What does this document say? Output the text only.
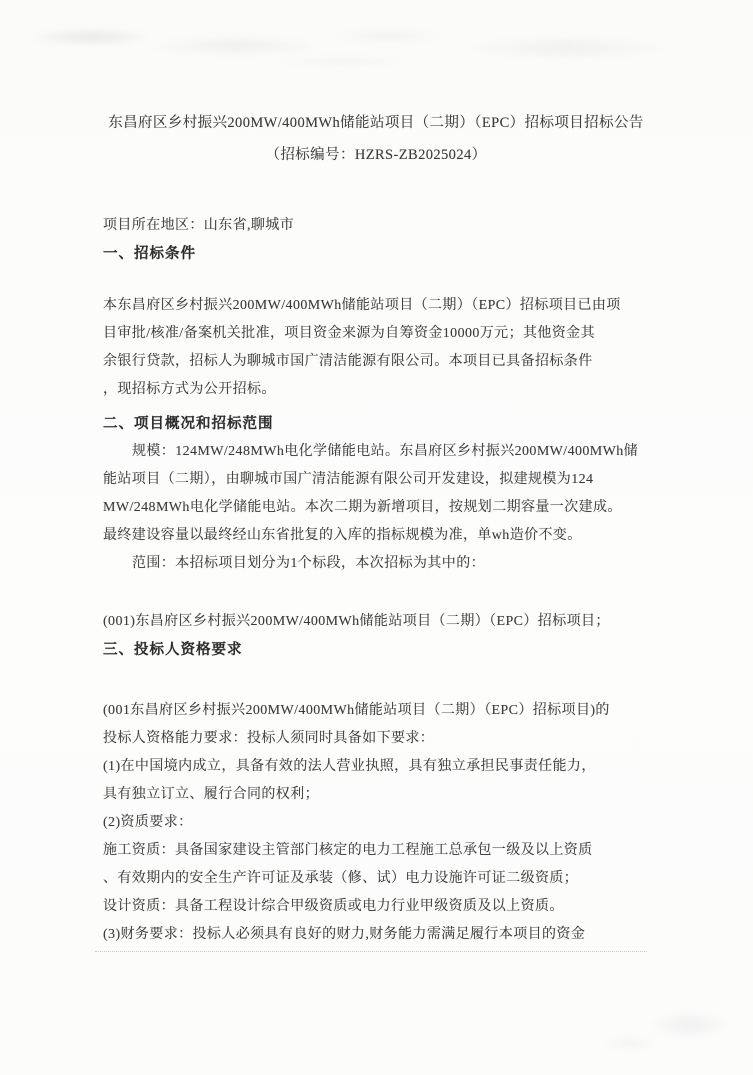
东昌府区乡村振兴200MW/400MWh储能站项目（二期）（EPC）招标项目招标公告
（招标编号：HZRS-ZB2025024）
项目所在地区：山东省,聊城市
一、招标条件
本东昌府区乡村振兴200MW/400MWh储能站项目（二期）（EPC）招标项目已由项
目审批/核准/备案机关批准，项目资金来源为自筹资金10000万元；其他资金其
余银行贷款，招标人为聊城市国广清洁能源有限公司。本项目已具备招标条件
，现招标方式为公开招标。
二、项目概况和招标范围
规模：124MW/248MWh电化学储能电站。东昌府区乡村振兴200MW/400MWh储
能站项目（二期），由聊城市国广清洁能源有限公司开发建设，拟建规模为124
MW/248MWh电化学储能电站。本次二期为新增项目，按规划二期容量一次建成。
最终建设容量以最终经山东省批复的入库的指标规模为准，单wh造价不变。
范围：本招标项目划分为1个标段，本次招标为其中的：
(001)东昌府区乡村振兴200MW/400MWh储能站项目（二期）（EPC）招标项目；
三、投标人资格要求
(001东昌府区乡村振兴200MW/400MWh储能站项目（二期）（EPC）招标项目)的
投标人资格能力要求：投标人须同时具备如下要求：
(1)在中国境内成立，具备有效的法人营业执照，具有独立承担民事责任能力，
具有独立订立、履行合同的权利；
(2)资质要求：
施工资质：具备国家建设主管部门核定的电力工程施工总承包一级及以上资质
、有效期内的安全生产许可证及承装（修、试）电力设施许可证二级资质；
设计资质：具备工程设计综合甲级资质或电力行业甲级资质及以上资质。
(3)财务要求：投标人必须具有良好的财力,财务能力需满足履行本项目的资金
